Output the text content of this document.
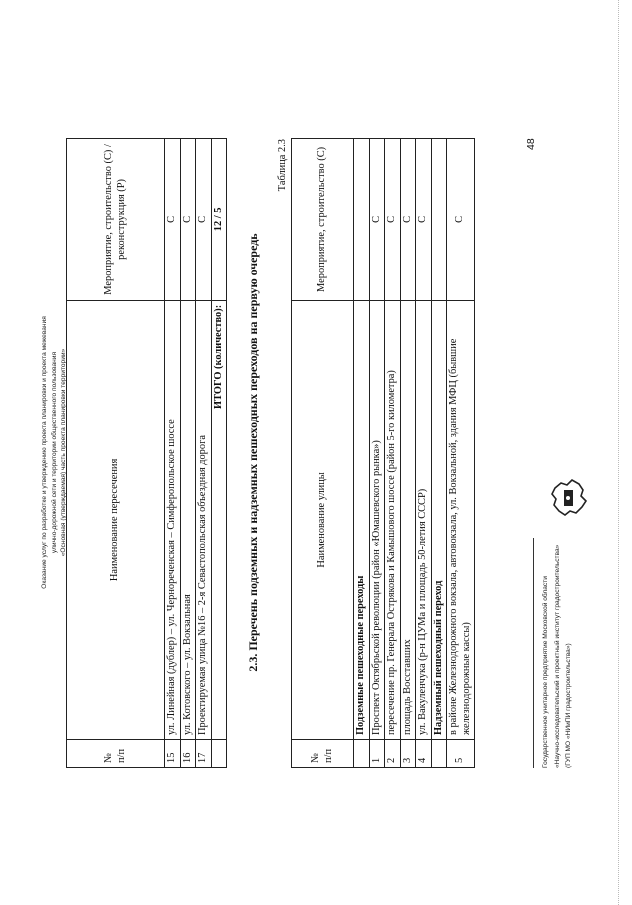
Оказание услуг по разработке и утверждению проекта планировки и проекта межевания улично-дорожной сети и территории общественного пользования «Основная (утверждаемая) часть проекта планировки территории»
№ п/п	Наименование пересечения	Мероприятие, строительство (С) / реконструкция (Р)
15	ул. Линейная (дублер) – ул. Чернореченская – Симферопольское шоссе	С
16	ул. Котовского – ул. Вокзальная	С
17	Проектируемая улица №16 – 2-я Севастопольская объездная дорога	С
	ИТОГО (количество):	12 / 5
2.3. Перечень подземных и надземных пешеходных переходов на первую очередь
Таблица 2.3
№ п/п	Наименование улицы	Мероприятие, строительство (С)
	Подземные пешеходные переходы	
1	Проспект Октябрьской революции (район «Юмашевского рынка»)	С
2	пересечение пр. Генерала Острякова и Камышового шоссе (район 5-го километра)	С
3	площадь Восставших	С
4	ул. Вакуленчука (р-н ЦУМа и площадь 50-летия СССР)	С
	Надземный пешеходный переход	
5	в районе Железнодорожного вокзала, автовокзала, ул. Вокзальной, здания МФЦ (бывшие железнодорожные кассы)	С
48
Государственное унитарное предприятие Московской области «Научно-исследовательский и проектный институт градостроительства» (ГУП МО «НИиПИ градостроительства»)
